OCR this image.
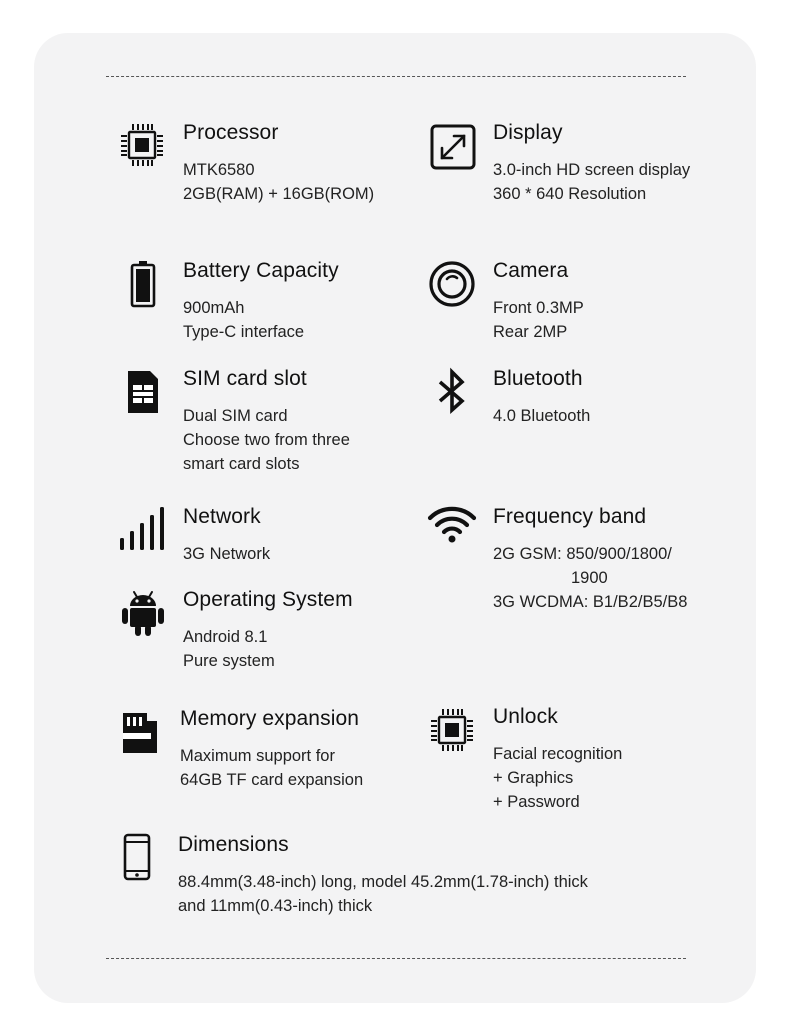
Processor
MTK6580
2GB(RAM) + 16GB(ROM)
Display
3.0-inch HD screen display
360 * 640 Resolution
Battery Capacity
900mAh
Type-C interface
Camera
Front 0.3MP
Rear 2MP
SIM card slot
Dual SIM card
Choose two from three
smart card slots
Bluetooth
4.0 Bluetooth
Network
3G Network
Frequency band
2G GSM: 850/900/1800/
1900
3G WCDMA: B1/B2/B5/B8
Operating System
Android 8.1
Pure system
Memory expansion
Maximum support for
64GB TF card expansion
Unlock
Facial recognition
+ Graphics
+ Password
Dimensions
88.4mm(3.48-inch) long, model 45.2mm(1.78-inch) thick
and 11mm(0.43-inch) thick
